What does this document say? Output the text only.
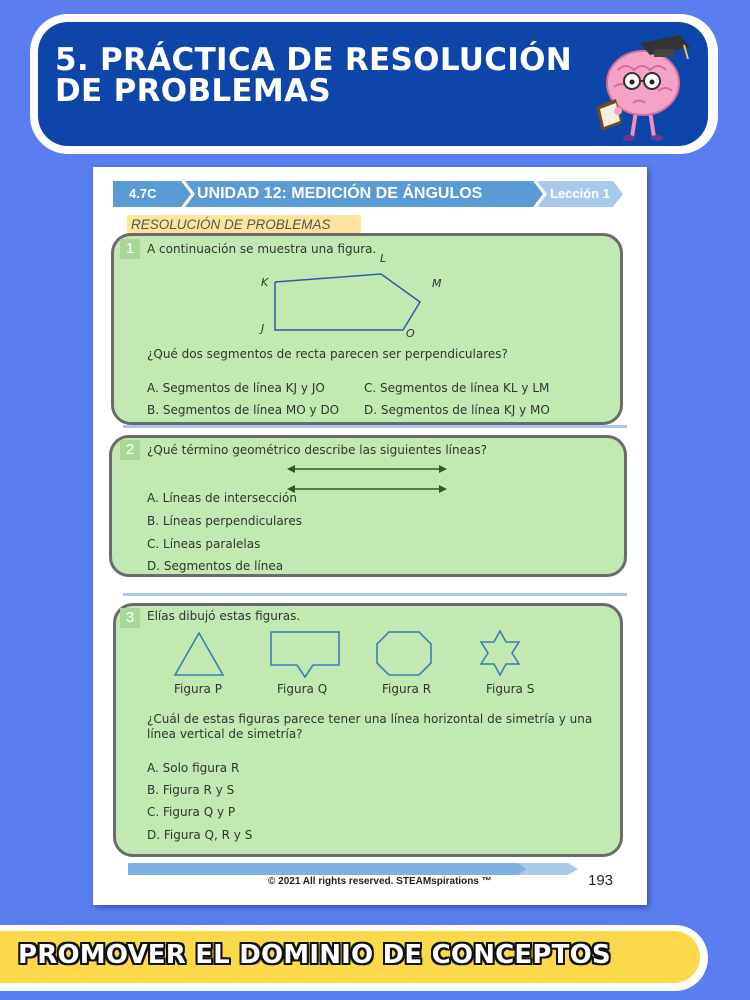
5. PRÁCTICA DE RESOLUCIÓN
DE PROBLEMAS
4.7C	UNIDAD 12: MEDICIÓN DE ÁNGULOS	Lección 1
RESOLUCIÓN DE PROBLEMAS
1	A continuación se muestra una figura.
K
L
M
J	O
¿Qué dos segmentos de recta parecen ser perpendiculares?
A. Segmentos de línea KJ y JO	C. Segmentos de línea KL y LM
B. Segmentos de línea MO y DO D. Segmentos de línea KJ y MO
2	¿Qué término geométrico describe las siguientes líneas?
A. Líneas de intersección
B. Líneas perpendiculares
C. Líneas paralelas
D. Segmentos de línea
3	Elías dibujó estas figuras.
Figura P	Figura Q	Figura R	Figura S
¿Cuál de estas figuras parece tener una línea horizontal de simetría y una
línea vertical de simetría?
A. Solo figura R
B. Figura R y S
C. Figura Q y P
D. Figura Q, R y S
© 2021 All rights reserved. STEAMspirations ™	193
PROMOVER EL DOMINIO DE CONCEPTOS
